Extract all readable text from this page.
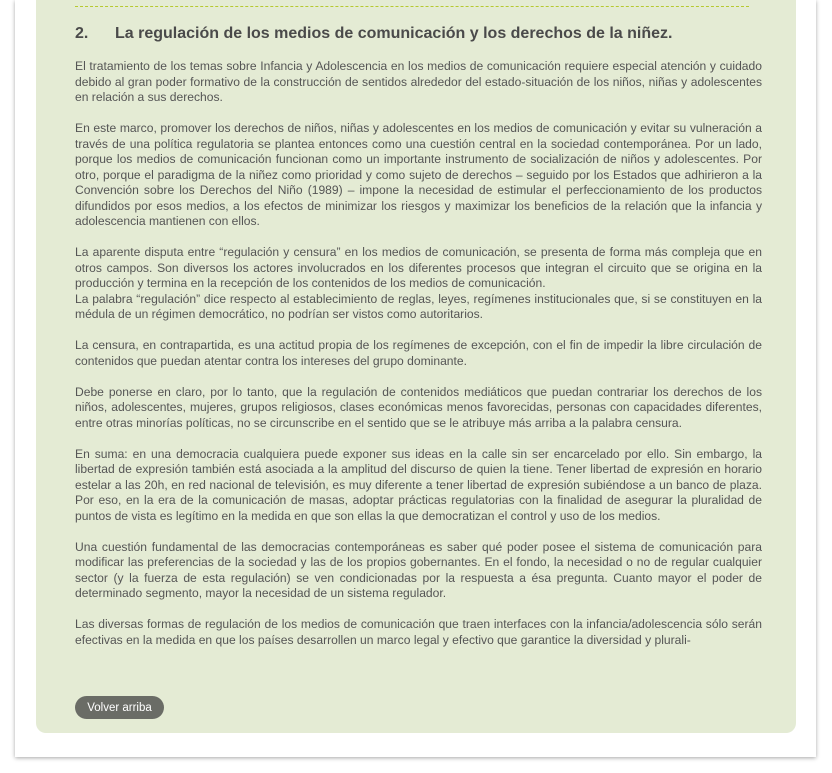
2. La regulación de los medios de comunicación y los derechos de la niñez.

El tratamiento de los temas sobre Infancia y Adolescencia en los medios de comunicación requiere especial atención y cuidado debido al gran poder formativo de la construcción de sentidos alrededor del estado-situación de los niños, niñas y adolescentes en relación a sus derechos.

En este marco, promover los derechos de niños, niñas y adolescentes en los medios de comunicación y evitar su vulneración a través de una política regulatoria se plantea entonces como una cuestión central en la sociedad contemporánea. Por un lado, porque los medios de comunicación funcionan como un importante instrumento de socialización de niños y adolescentes. Por otro, porque el paradigma de la niñez como prioridad y como sujeto de derechos – seguido por los Estados que adhirieron a la Convención sobre los Derechos del Niño (1989) – impone la necesidad de estimular el perfeccionamiento de los productos difundidos por esos medios, a los efectos de minimizar los riesgos y maximizar los beneficios de la relación que la infancia y adolescencia mantienen con ellos.

La aparente disputa entre “regulación y censura” en los medios de comunicación, se presenta de forma más compleja que en otros campos. Son diversos los actores involucrados en los diferentes procesos que integran el circuito que se origina en la producción y termina en la recepción de los contenidos de los medios de comunicación.

La palabra “regulación” dice respecto al establecimiento de reglas, leyes, regímenes institucionales que, si se constituyen en la médula de un régimen democrático, no podrían ser vistos como autoritarios.

La censura, en contrapartida, es una actitud propia de los regímenes de excepción, con el fin de impedir la libre circulación de contenidos que puedan atentar contra los intereses del grupo dominante.

Debe ponerse en claro, por lo tanto, que la regulación de contenidos mediáticos que puedan contrariar los derechos de los niños, adolescentes, mujeres, grupos religiosos, clases económicas menos favorecidas, personas con capacidades diferentes, entre otras minorías políticas, no se circunscribe en el sentido que se le atribuye más arriba a la palabra censura.

En suma: en una democracia cualquiera puede exponer sus ideas en la calle sin ser encarcelado por ello. Sin embargo, la libertad de expresión también está asociada a la amplitud del discurso de quien la tiene. Tener libertad de expresión en horario estelar a las 20h, en red nacional de televisión, es muy diferente a tener libertad de expresión subiéndose a un banco de plaza. Por eso, en la era de la comunicación de masas, adoptar prácticas regulatorias con la finalidad de asegurar la pluralidad de puntos de vista es legítimo en la medida en que son ellas la que democratizan el control y uso de los medios.

Una cuestión fundamental de las democracias contemporáneas es saber qué poder posee el sistema de comunicación para modificar las preferencias de la sociedad y las de los propios gobernantes. En el fondo, la necesidad o no de regular cualquier sector (y la fuerza de esta regulación) se ven condicionadas por la respuesta a ésa pregunta. Cuanto mayor el poder de determinado segmento, mayor la necesidad de un sistema regulador.

Las diversas formas de regulación de los medios de comunicación que traen interfaces con la infancia/adolescencia sólo serán efectivas en la medida en que los países desarrollen un marco legal y efectivo que garantice la diversidad y plurali-

Volver arriba
